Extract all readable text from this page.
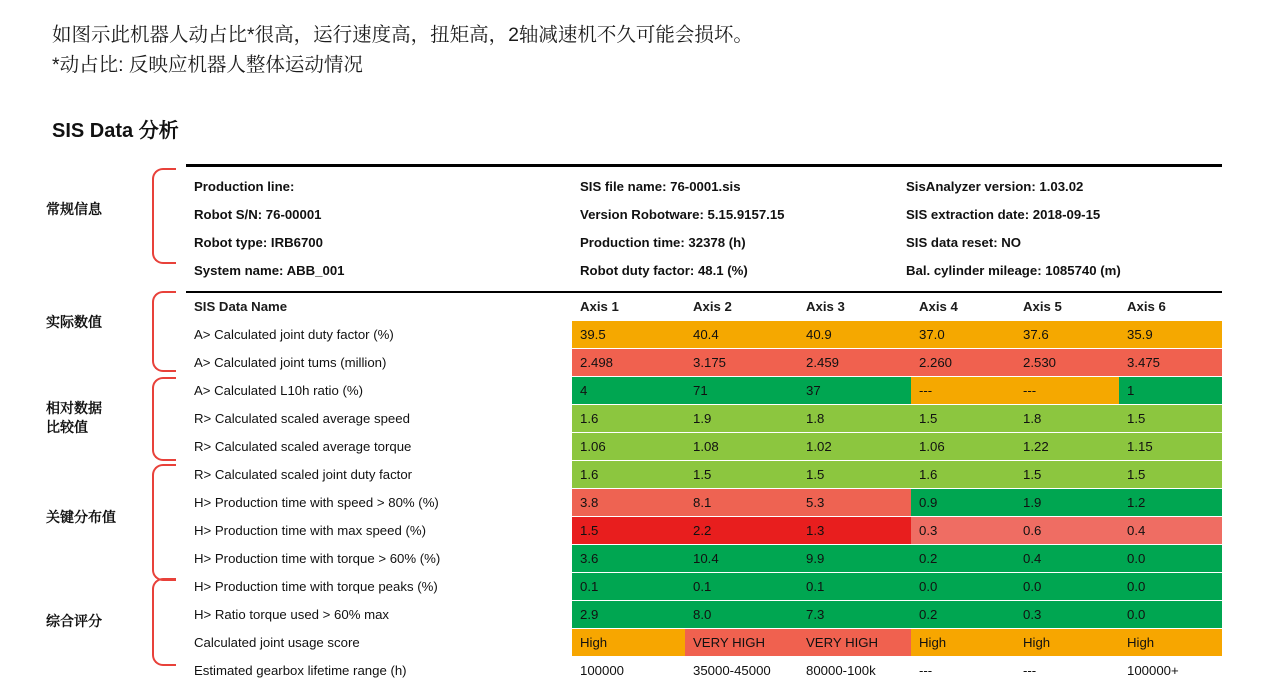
如图示此机器人动占比*很高，运行速度高，扭矩高，2轴减速机不久可能会损坏。
*动占比: 反映应机器人整体运动情况
SIS Data 分析
常规信息
实际数值
相对数据
比较值
关键分布值
综合评分
Production line:	SIS file name: 76-0001.sis	SisAnalyzer version: 1.03.02
Robot S/N: 76-00001	Version Robotware: 5.15.9157.15	SIS extraction date: 2018-09-15
Robot type: IRB6700	Production time: 32378 (h)	SIS data reset: NO
System name: ABB_001	Robot duty factor: 48.1 (%)	Bal. cylinder mileage: 1085740 (m)
SIS Data Name	Axis 1	Axis 2	Axis 3	Axis 4	Axis 5	Axis 6
A> Calculated joint duty factor (%)	39.5	40.4	40.9	37.0	37.6	35.9
A> Calculated joint tums (million)	2.498	3.175	2.459	2.260	2.530	3.475
A> Calculated L10h ratio (%)	4	71	37	---	---	1
R> Calculated scaled average speed	1.6	1.9	1.8	1.5	1.8	1.5
R> Calculated scaled average torque	1.06	1.08	1.02	1.06	1.22	1.15
R> Calculated scaled joint duty factor	1.6	1.5	1.5	1.6	1.5	1.5
H> Production time with speed > 80% (%)	3.8	8.1	5.3	0.9	1.9	1.2
H> Production time with max speed (%)	1.5	2.2	1.3	0.3	0.6	0.4
H> Production time with torque > 60% (%)	3.6	10.4	9.9	0.2	0.4	0.0
H> Production time with torque peaks (%)	0.1	0.1	0.1	0.0	0.0	0.0
H> Ratio torque used > 60% max	2.9	8.0	7.3	0.2	0.3	0.0
Calculated joint usage score	High	VERY HIGH	VERY HIGH	High	High	High
Estimated gearbox lifetime range (h)	100000	35000-45000	80000-100k	---	---	100000+
